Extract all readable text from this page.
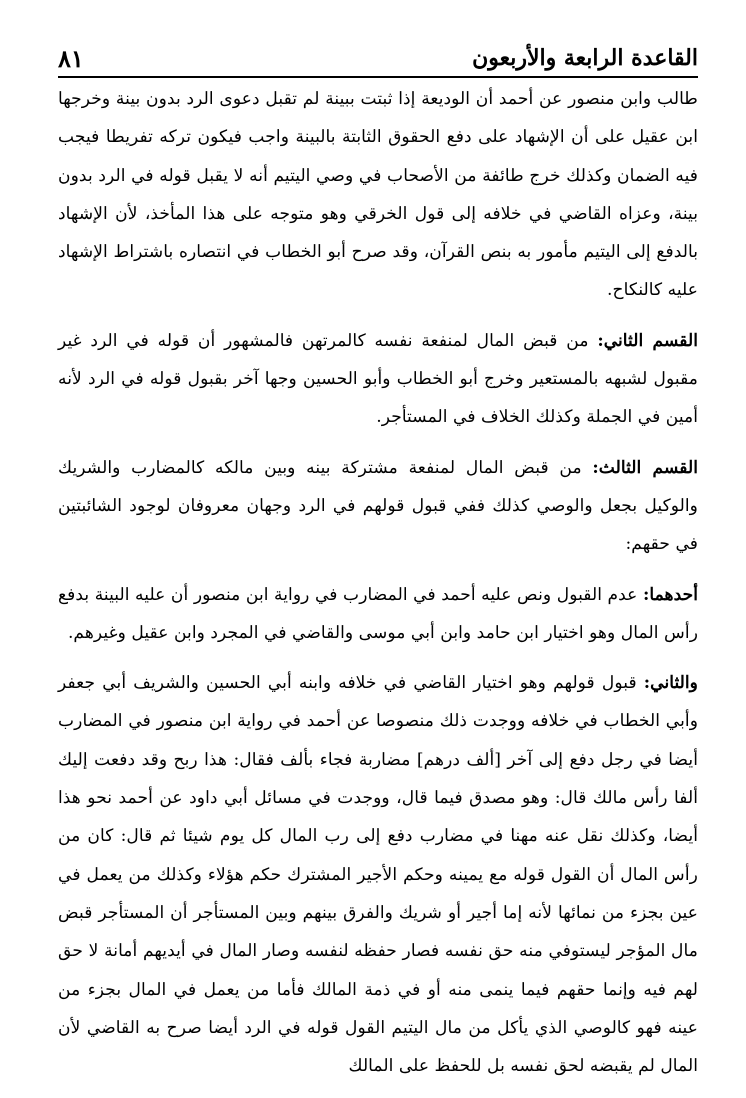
القاعدة الرابعة والأربعون
٨١

طالب وابن منصور عن أحمد أن الوديعة إذا ثبتت ببينة لم تقبل دعوى الرد بدون بينة وخرجها ابن عقيل على أن الإشهاد على دفع الحقوق الثابتة بالبينة واجب فيكون تركه تفريطا فيجب فيه الضمان وكذلك خرج طائفة من الأصحاب في وصي اليتيم أنه لا يقبل قوله في الرد بدون بينة، وعزاه القاضي في خلافه إلى قول الخرقي وهو متوجه على هذا المأخذ، لأن الإشهاد بالدفع إلى اليتيم مأمور به بنص القرآن، وقد صرح أبو الخطاب في انتصاره باشتراط الإشهاد عليه كالنكاح.

القسم الثاني: من قبض المال لمنفعة نفسه كالمرتهن فالمشهور أن قوله في الرد غير مقبول لشبهه بالمستعير وخرج أبو الخطاب وأبو الحسين وجها آخر بقبول قوله في الرد لأنه أمين في الجملة وكذلك الخلاف في المستأجر.

القسم الثالث: من قبض المال لمنفعة مشتركة بينه وبين مالكه كالمضارب والشريك والوكيل بجعل والوصي كذلك ففي قبول قولهم في الرد وجهان معروفان لوجود الشائبتين في حقهم:

أحدهما: عدم القبول ونص عليه أحمد في المضارب في رواية ابن منصور أن عليه البينة بدفع رأس المال وهو اختيار ابن حامد وابن أبي موسى والقاضي في المجرد وابن عقيل وغيرهم.

والثاني: قبول قولهم وهو اختيار القاضي في خلافه وابنه أبي الحسين والشريف أبي جعفر وأبي الخطاب في خلافه ووجدت ذلك منصوصا عن أحمد في رواية ابن منصور في المضارب أيضا في رجل دفع إلى آخر [ألف درهم] مضاربة فجاء بألف فقال: هذا ربح وقد دفعت إليك ألفا رأس مالك قال: وهو مصدق فيما قال، ووجدت في مسائل أبي داود عن أحمد نحو هذا أيضا، وكذلك نقل عنه مهنا في مضارب دفع إلى رب المال كل يوم شيئا ثم قال: كان من رأس المال أن القول قوله مع يمينه وحكم الأجير المشترك حكم هؤلاء وكذلك من يعمل في عين بجزء من نمائها لأنه إما أجير أو شريك والفرق بينهم وبين المستأجر أن المستأجر قبض مال المؤجر ليستوفي منه حق نفسه فصار حفظه لنفسه وصار المال في أيديهم أمانة لا حق لهم فيه وإنما حقهم فيما ينمى منه أو في ذمة المالك فأما من يعمل في المال بجزء من عينه فهو كالوصي الذي يأكل من مال اليتيم القول قوله في الرد أيضا صرح به القاضي لأن المال لم يقبضه لحق نفسه بل للحفظ على المالك
